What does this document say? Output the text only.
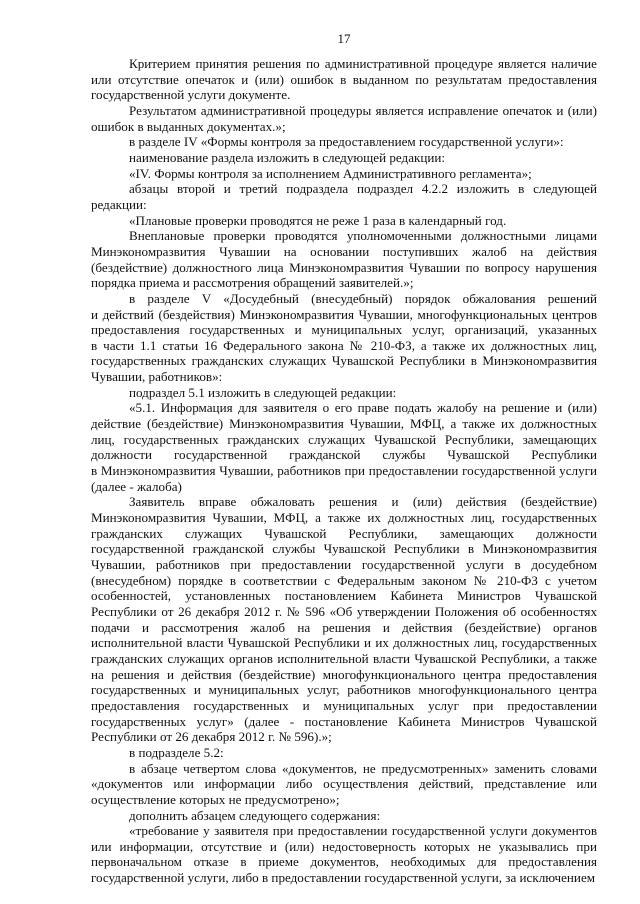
17
Критерием принятия решения по административной процедуре является наличие
или отсутствие опечаток и (или) ошибок в выданном по результатам предоставления
государственной услуги документе.
Результатом административной процедуры является исправление опечаток и (или)
ошибок в выданных документах.»;
в разделе IV «Формы контроля за предоставлением государственной услуги»:
наименование раздела изложить в следующей редакции:
«IV. Формы контроля за исполнением Административного регламента»;
абзацы второй и третий подраздела подраздел 4.2.2 изложить в следующей
редакции:
«Плановые проверки проводятся не реже 1 раза в календарный год.
Внеплановые проверки проводятся уполномоченными должностными лицами
Минэкономразвития Чувашии на основании поступивших жалоб на действия
(бездействие) должностного лица Минэкономразвития Чувашии по вопросу нарушения
порядка приема и рассмотрения обращений заявителей.»;
в разделе V «Досудебный (внесудебный) порядок обжалования решений
и действий (бездействия) Минэкономразвития Чувашии, многофункциональных центров
предоставления государственных и муниципальных услуг, организаций, указанных
в части 1.1 статьи 16 Федерального закона № 210-ФЗ, а также их должностных лиц,
государственных гражданских служащих Чувашской Республики в Минэкономразвития
Чувашии, работников»:
подраздел 5.1 изложить в следующей редакции:
«5.1. Информация для заявителя о его праве подать жалобу на решение и (или)
действие (бездействие) Минэкономразвития Чувашии, МФЦ, а также их должностных
лиц, государственных гражданских служащих Чувашской Республики, замещающих
должности государственной гражданской службы Чувашской Республики
в Минэкономразвития Чувашии, работников при предоставлении государственной услуги
(далее - жалоба)
Заявитель вправе обжаловать решения и (или) действия (бездействие)
Минэкономразвития Чувашии, МФЦ, а также их должностных лиц, государственных
гражданских служащих Чувашской Республики, замещающих должности
государственной гражданской службы Чувашской Республики в Минэкономразвития
Чувашии, работников при предоставлении государственной услуги в досудебном
(внесудебном) порядке в соответствии с Федеральным законом № 210-ФЗ с учетом
особенностей, установленных постановлением Кабинета Министров Чувашской
Республики от 26 декабря 2012 г. № 596 «Об утверждении Положения об особенностях
подачи и рассмотрения жалоб на решения и действия (бездействие) органов
исполнительной власти Чувашской Республики и их должностных лиц, государственных
гражданских служащих органов исполнительной власти Чувашской Республики, а также
на решения и действия (бездействие) многофункционального центра предоставления
государственных и муниципальных услуг, работников многофункционального центра
предоставления государственных и муниципальных услуг при предоставлении
государственных услуг» (далее - постановление Кабинета Министров Чувашской
Республики от 26 декабря 2012 г. № 596).»;
в подразделе 5.2:
в абзаце четвертом слова «документов, не предусмотренных» заменить словами
«документов или информации либо осуществления действий, представление или
осуществление которых не предусмотрено»;
дополнить абзацем следующего содержания:
«требование у заявителя при предоставлении государственной услуги документов
или информации, отсутствие и (или) недостоверность которых не указывались при
первоначальном отказе в приеме документов, необходимых для предоставления
государственной услуги, либо в предоставлении государственной услуги, за исключением
